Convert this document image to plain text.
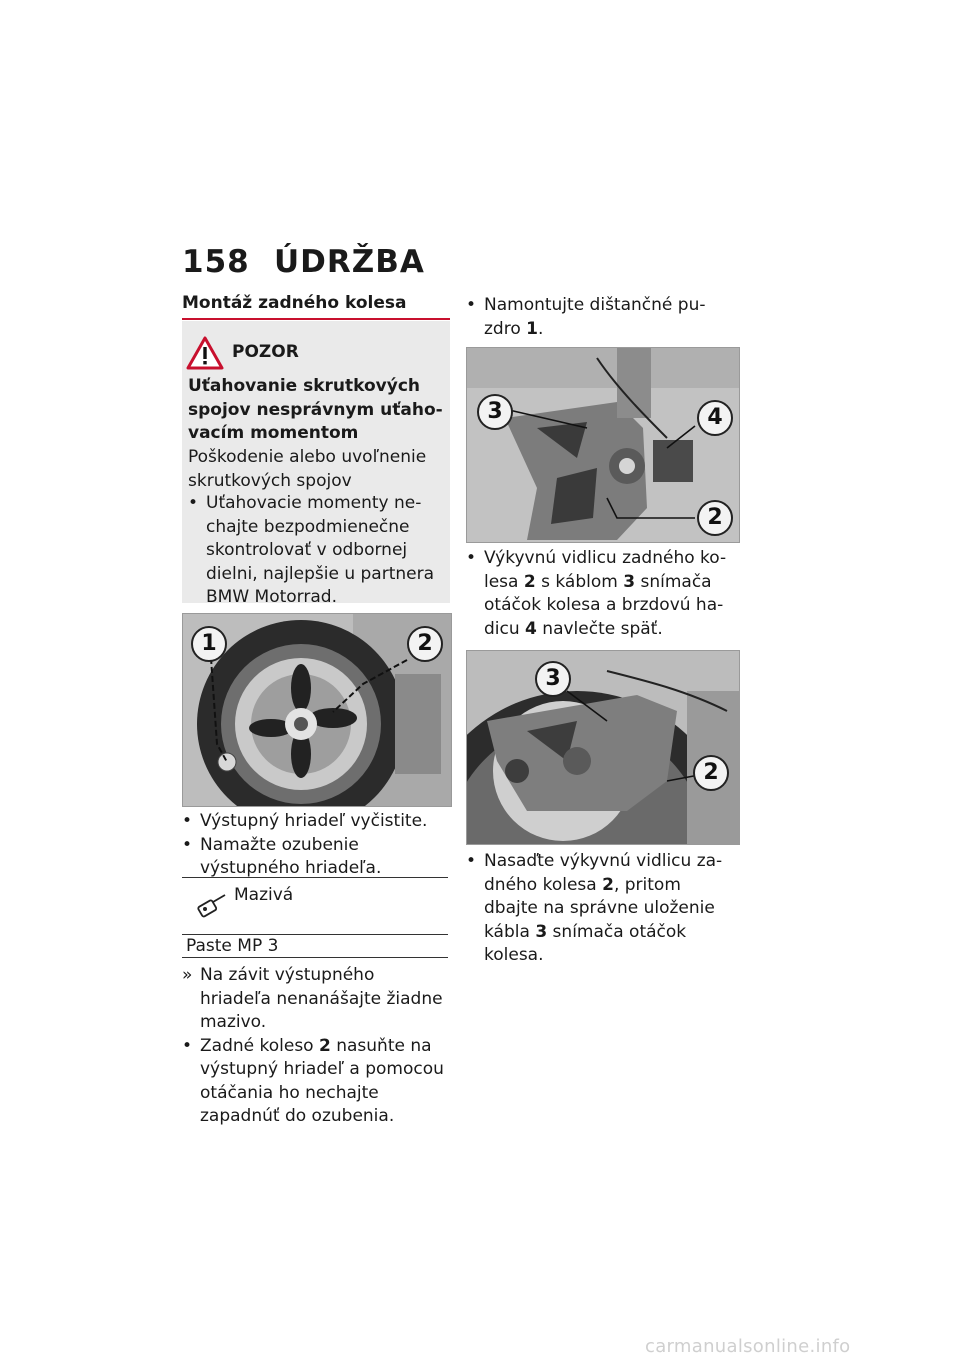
158 ÚDRŽBA
Montáž zadného kolesa
POZOR
Uťahovanie skrutkových spojov nesprávnym uťaho-vacím momentom
Poškodenie alebo uvoľnenie skrutkových spojov
• Uťahovacie momenty ne-chajte bezpodmienečne skontrolovať v odbornej dielni, najlepšie u partnera BMW Motorrad.
1	2
• Výstupný hriadeľ vyčistite.
• Namažte ozubenie výstupného hriadeľa.
Mazivá
Paste MP 3
» Na závit výstupného hriadeľa nenanášajte žiadne mazivo.
• Zadné koleso 2 nasuňte na výstupný hriadeľ a pomocou otáčania ho nechajte zapadnúť do ozubenia.
• Namontujte dištančné pu-zdro 1.
3	4
2
• Výkyvnú vidlicu zadného ko-lesa 2 s káblom 3 snímača otáčok kolesa a brzdovú ha-dicu 4 navlečte späť.
3
2
• Nasaďte výkyvnú vidlicu za-dného kolesa 2, pritom dbajte na správne uloženie kábla 3 snímača otáčok kolesa.
carmanualsonline.info
